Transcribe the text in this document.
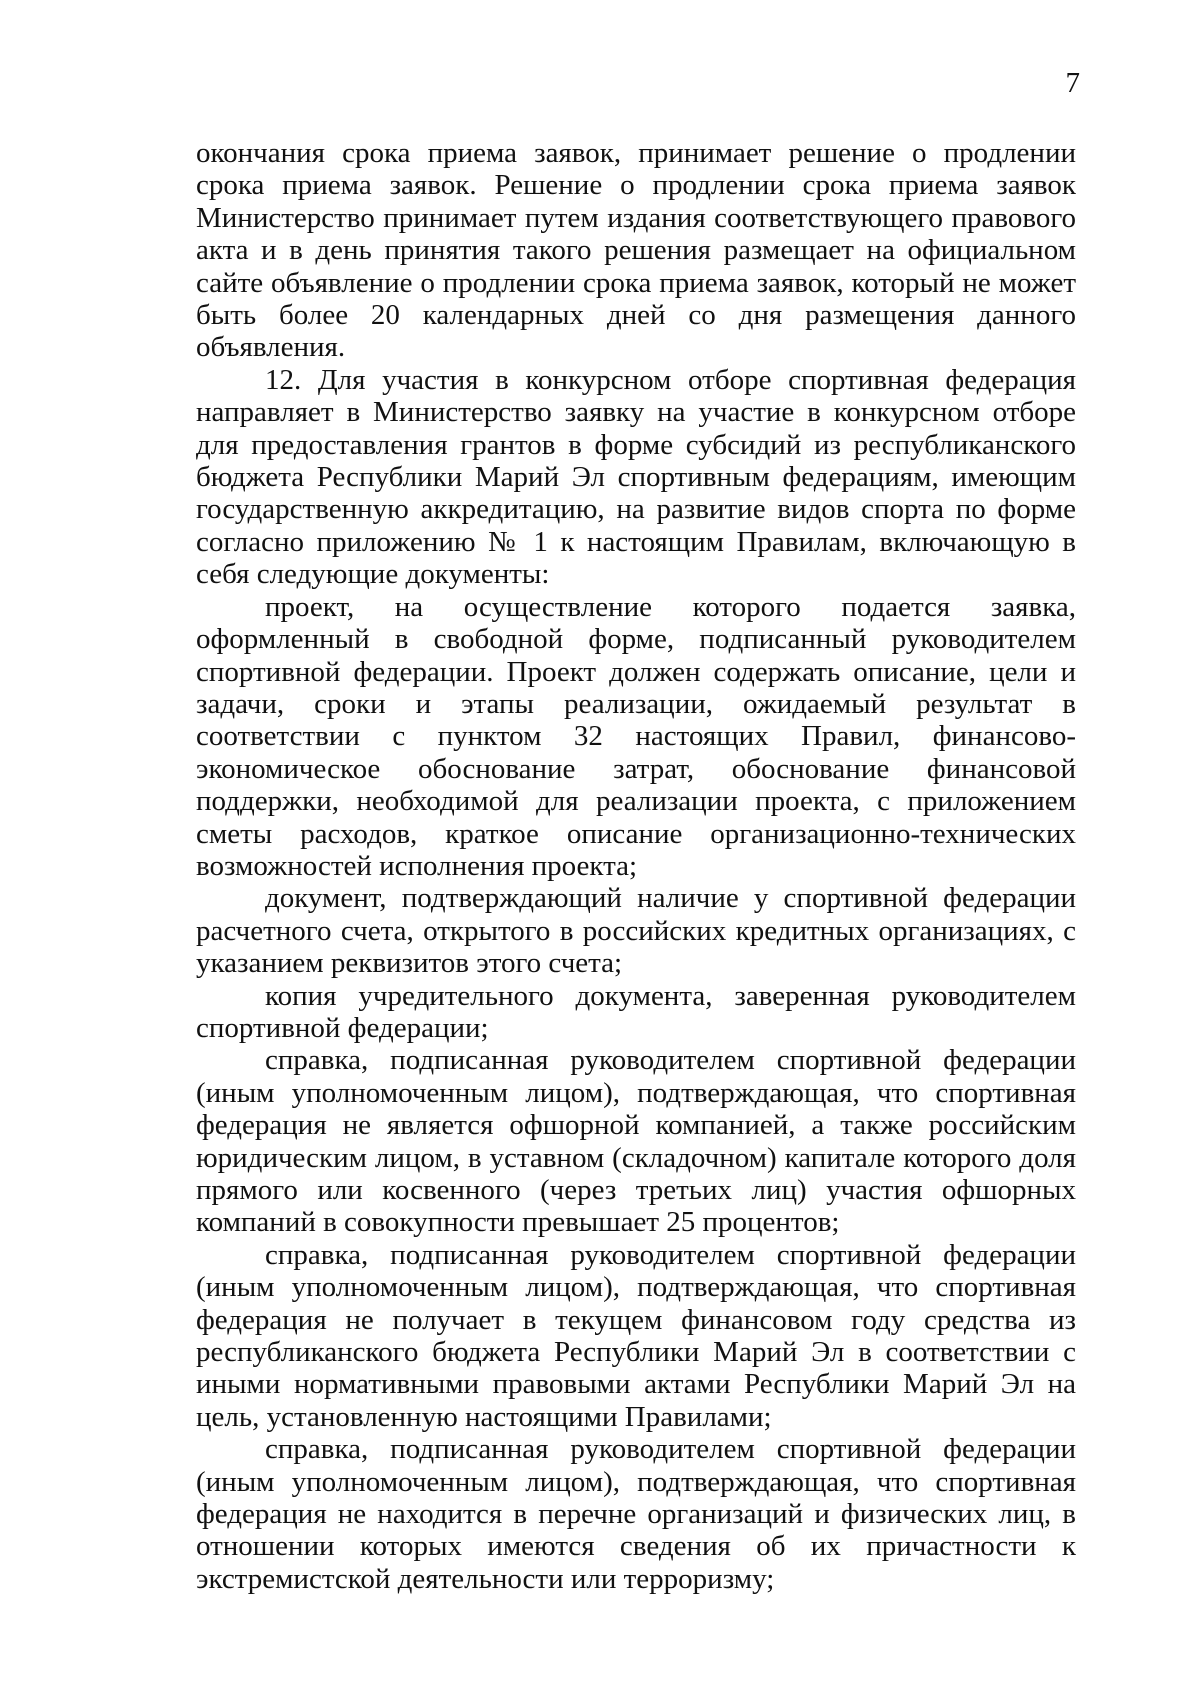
7

окончания срока приема заявок, принимает решение о продлении срока приема заявок. Решение о продлении срока приема заявок Министерство принимает путем издания соответствующего правового акта и в день принятия такого решения размещает на официальном сайте объявление о продлении срока приема заявок, который не может быть более 20 календарных дней со дня размещения данного объявления.

12. Для участия в конкурсном отборе спортивная федерация направляет в Министерство заявку на участие в конкурсном отборе для предоставления грантов в форме субсидий из республиканского бюджета Республики Марий Эл спортивным федерациям, имеющим государственную аккредитацию, на развитие видов спорта по форме согласно приложению № 1 к настоящим Правилам, включающую в себя следующие документы:

проект, на осуществление которого подается заявка, оформленный в свободной форме, подписанный руководителем спортивной федерации. Проект должен содержать описание, цели и задачи, сроки и этапы реализации, ожидаемый результат в соответствии с пунктом 32 настоящих Правил, финансово-экономическое обоснование затрат, обоснование финансовой поддержки, необходимой для реализации проекта, с приложением сметы расходов, краткое описание организационно-технических возможностей исполнения проекта;

документ, подтверждающий наличие у спортивной федерации расчетного счета, открытого в российских кредитных организациях, с указанием реквизитов этого счета;

копия учредительного документа, заверенная руководителем спортивной федерации;

справка, подписанная руководителем спортивной федерации (иным уполномоченным лицом), подтверждающая, что спортивная федерация не является офшорной компанией, а также российским юридическим лицом, в уставном (складочном) капитале которого доля прямого или косвенного (через третьих лиц) участия офшорных компаний в совокупности превышает 25 процентов;

справка, подписанная руководителем спортивной федерации (иным уполномоченным лицом), подтверждающая, что спортивная федерация не получает в текущем финансовом году средства из республиканского бюджета Республики Марий Эл в соответствии с иными нормативными правовыми актами Республики Марий Эл на цель, установленную настоящими Правилами;

справка, подписанная руководителем спортивной федерации (иным уполномоченным лицом), подтверждающая, что спортивная федерация не находится в перечне организаций и физических лиц, в отношении которых имеются сведения об их причастности к экстремистской деятельности или терроризму;
